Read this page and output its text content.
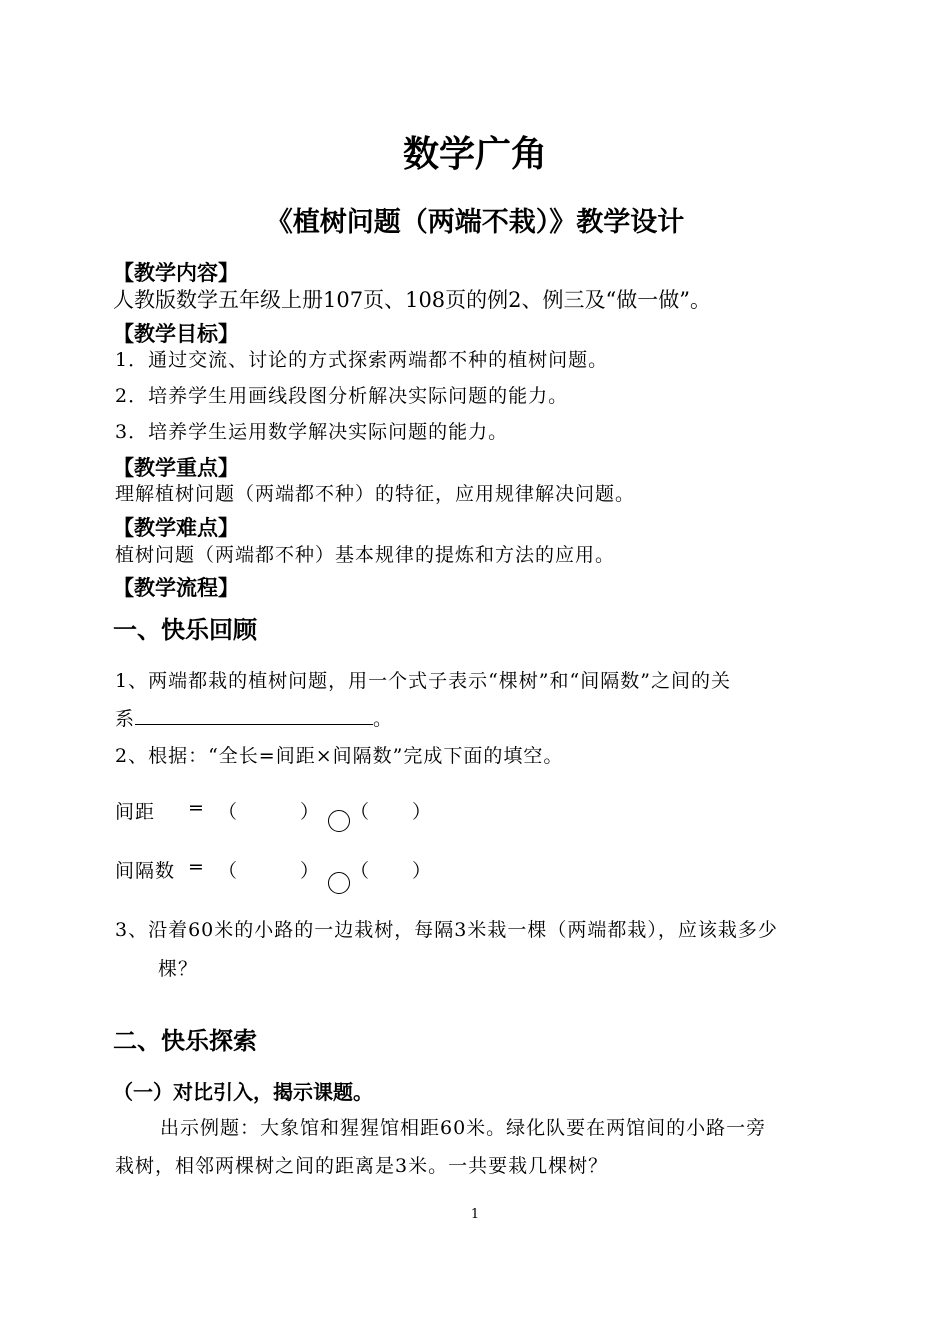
数学广角
《植树问题（两端不栽）》教学设计
【教学内容】
人教版数学五年级上册107页、108页的例2、例三及“做一做”。
【教学目标】
1．通过交流、讨论的方式探索两端都不种的植树问题。
2．培养学生用画线段图分析解决实际问题的能力。
3．培养学生运用数学解决实际问题的能力。
【教学重点】
理解植树问题（两端都不种）的特征，应用规律解决问题。
【教学难点】
植树问题（两端都不种）基本规律的提炼和方法的应用。
【教学流程】
一、快乐回顾
1、两端都栽的植树问题，用一个式子表示“棵树”和“间隔数”之间的关
系	。
2、根据：“全长=间距×间隔数”完成下面的填空。
间距 = （	） （ ）
间隔数 = （	） （ ）
3、沿着60米的小路的一边栽树，每隔3米栽一棵（两端都栽），应该栽多少
棵？
二、快乐探索
（一）对比引入，揭示课题。
出示例题：大象馆和猩猩馆相距60米。绿化队要在两馆间的小路一旁
栽树，相邻两棵树之间的距离是3米。一共要栽几棵树？
1
